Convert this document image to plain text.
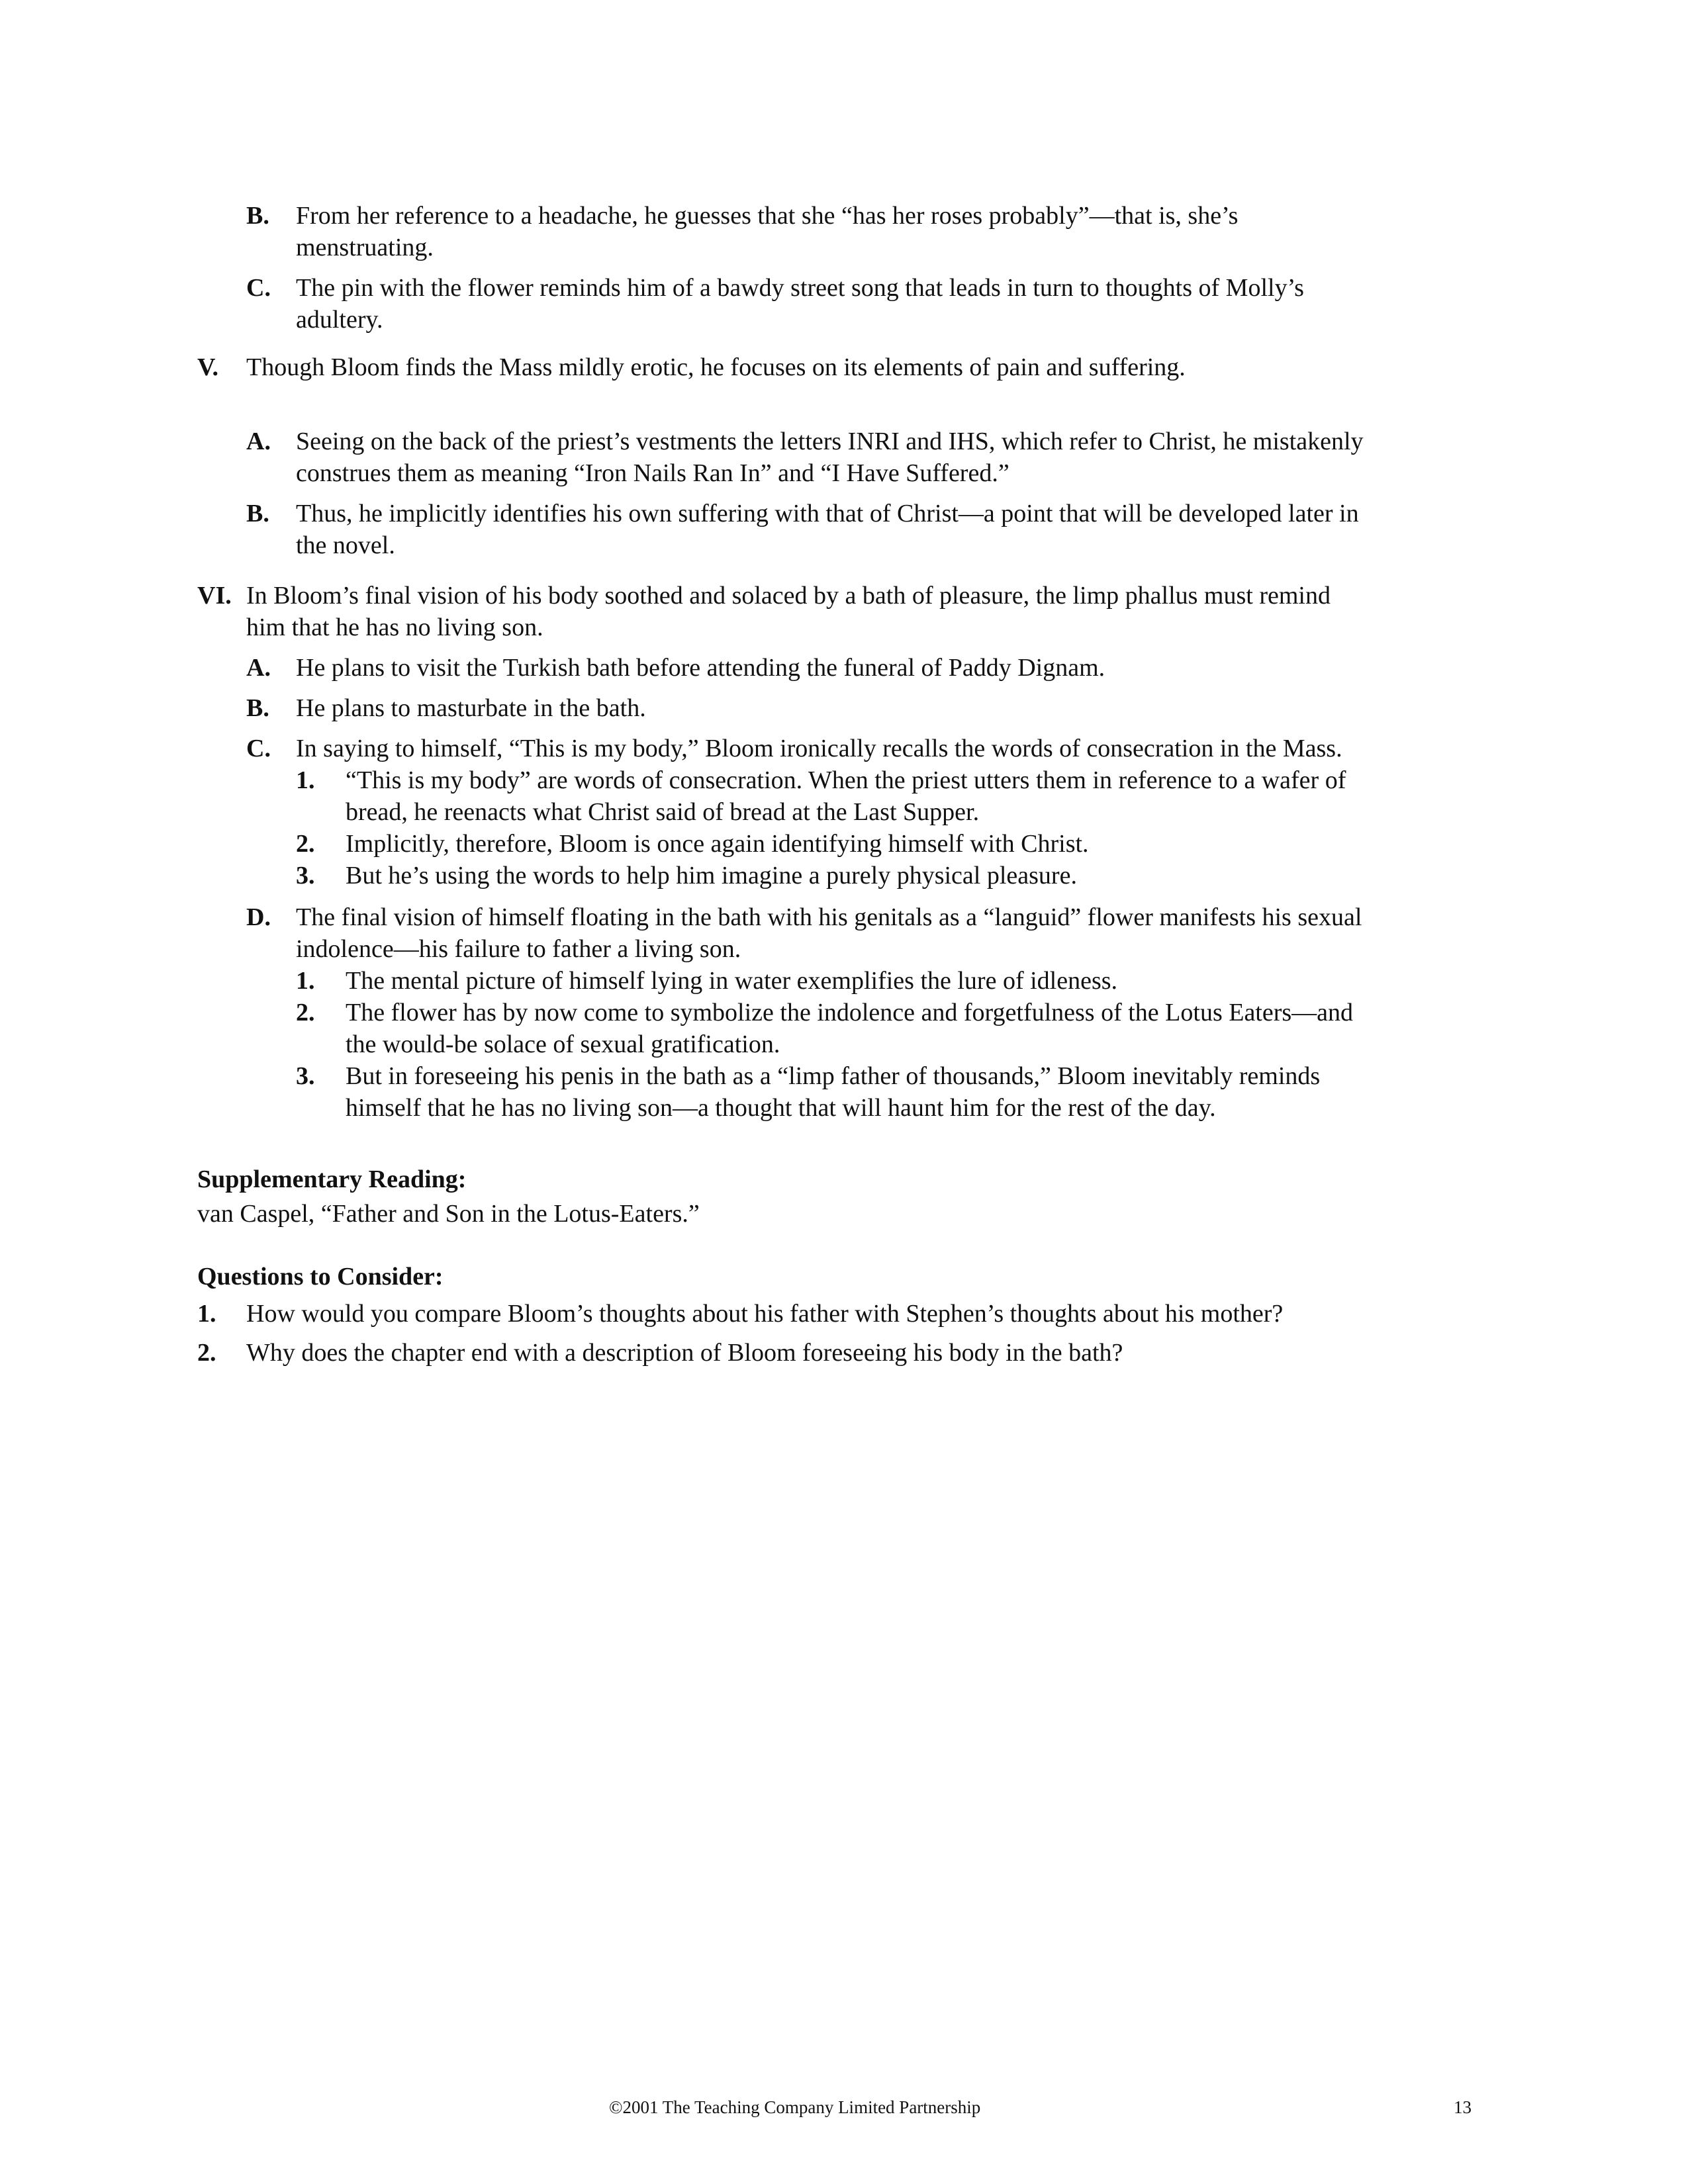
B. From her reference to a headache, he guesses that she “has her roses probably”—that is, she’s
menstruating.
C. The pin with the flower reminds him of a bawdy street song that leads in turn to thoughts of Molly’s
adultery.
V. Though Bloom finds the Mass mildly erotic, he focuses on its elements of pain and suffering.
A. Seeing on the back of the priest’s vestments the letters INRI and IHS, which refer to Christ, he mistakenly
construes them as meaning “Iron Nails Ran In” and “I Have Suffered.”
B. Thus, he implicitly identifies his own suffering with that of Christ—a point that will be developed later in
the novel.
VI. In Bloom’s final vision of his body soothed and solaced by a bath of pleasure, the limp phallus must remind
him that he has no living son.
A. He plans to visit the Turkish bath before attending the funeral of Paddy Dignam.
B. He plans to masturbate in the bath.
C. In saying to himself, “This is my body,” Bloom ironically recalls the words of consecration in the Mass.
1. “This is my body” are words of consecration. When the priest utters them in reference to a wafer of
bread, he reenacts what Christ said of bread at the Last Supper.
2. Implicitly, therefore, Bloom is once again identifying himself with Christ.
3. But he’s using the words to help him imagine a purely physical pleasure.
D. The final vision of himself floating in the bath with his genitals as a “languid” flower manifests his sexual
indolence—his failure to father a living son.
1. The mental picture of himself lying in water exemplifies the lure of idleness.
2. The flower has by now come to symbolize the indolence and forgetfulness of the Lotus Eaters—and
the would-be solace of sexual gratification.
3. But in foreseeing his penis in the bath as a “limp father of thousands,” Bloom inevitably reminds
himself that he has no living son—a thought that will haunt him for the rest of the day.
Supplementary Reading:
van Caspel, “Father and Son in the Lotus-Eaters.”
Questions to Consider:
1. How would you compare Bloom’s thoughts about his father with Stephen’s thoughts about his mother?
2. Why does the chapter end with a description of Bloom foreseeing his body in the bath?
©2001 The Teaching Company Limited Partnership	13
